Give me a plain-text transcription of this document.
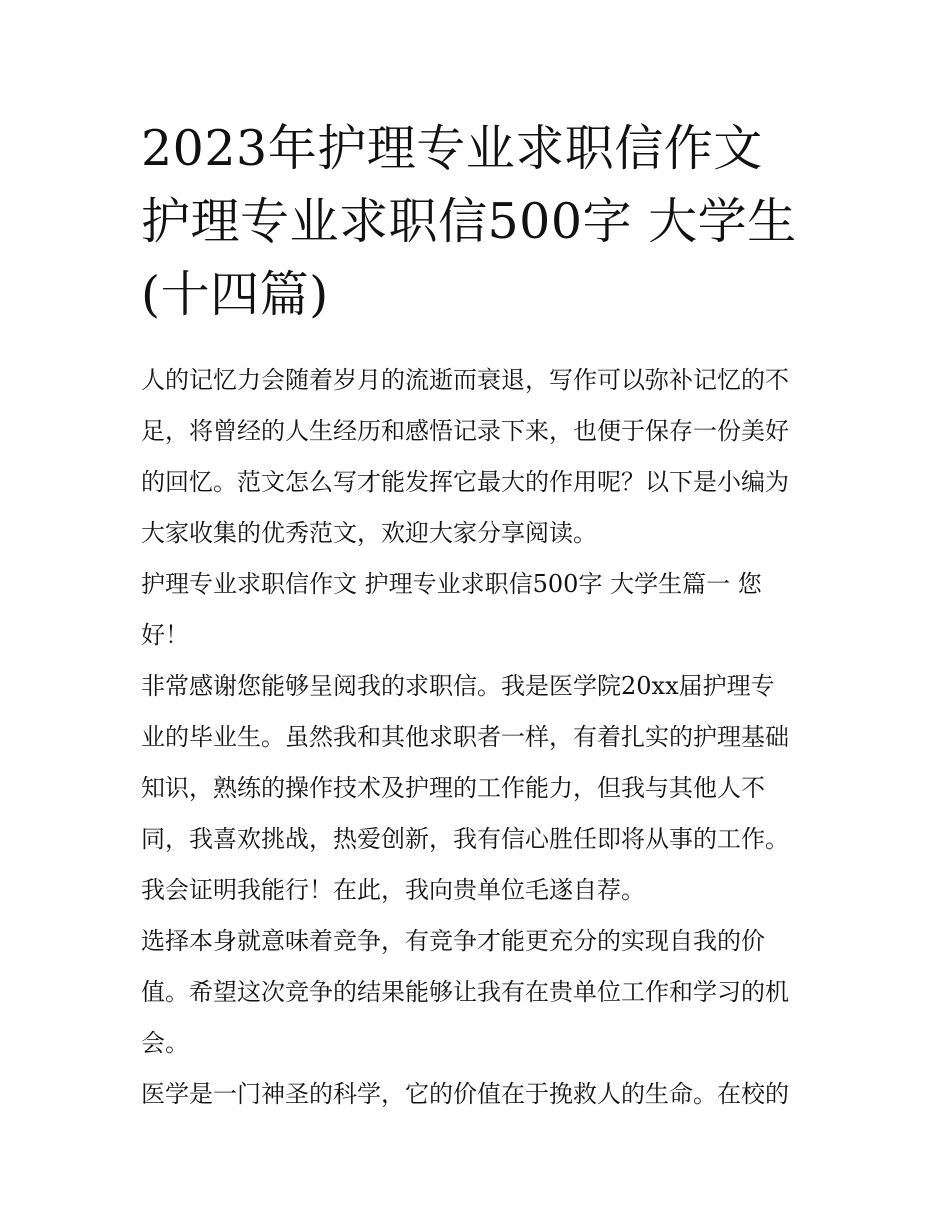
2023年护理专业求职信作文
护理专业求职信500字 大学生
(十四篇)
人的记忆力会随着岁月的流逝而衰退，写作可以弥补记忆的不
足，将曾经的人生经历和感悟记录下来，也便于保存一份美好
的回忆。范文怎么写才能发挥它最大的作用呢？以下是小编为
大家收集的优秀范文，欢迎大家分享阅读。
护理专业求职信作文 护理专业求职信500字 大学生篇一 您
好！
非常感谢您能够呈阅我的求职信。我是医学院20xx届护理专
业的毕业生。虽然我和其他求职者一样，有着扎实的护理基础
知识，熟练的操作技术及护理的工作能力，但我与其他人不
同，我喜欢挑战，热爱创新，我有信心胜任即将从事的工作。
我会证明我能行！在此，我向贵单位毛遂自荐。
选择本身就意味着竞争，有竞争才能更充分的实现自我的价
值。希望这次竞争的结果能够让我有在贵单位工作和学习的机
会。
医学是一门神圣的科学，它的价值在于挽救人的生命。在校的
